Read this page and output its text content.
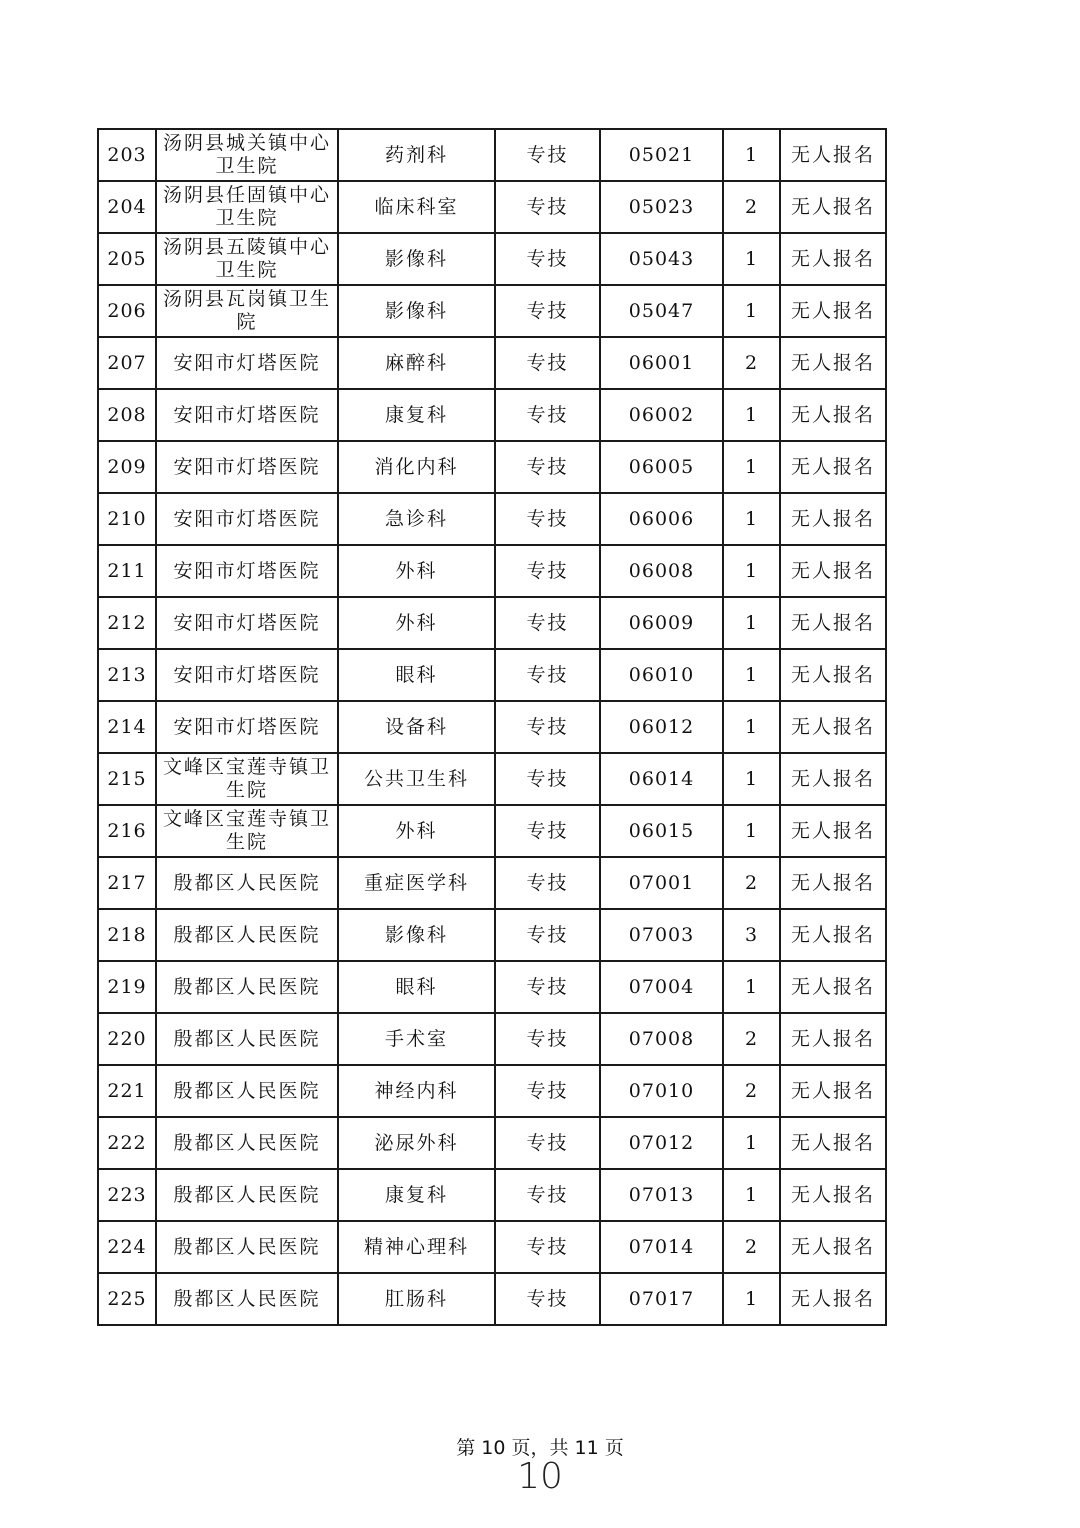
203	汤阴县城关镇中心卫生院	药剂科	专技	05021	1	无人报名
204	汤阴县任固镇中心卫生院	临床科室	专技	05023	2	无人报名
205	汤阴县五陵镇中心卫生院	影像科	专技	05043	1	无人报名
206	汤阴县瓦岗镇卫生院	影像科	专技	05047	1	无人报名
207	安阳市灯塔医院	麻醉科	专技	06001	2	无人报名
208	安阳市灯塔医院	康复科	专技	06002	1	无人报名
209	安阳市灯塔医院	消化内科	专技	06005	1	无人报名
210	安阳市灯塔医院	急诊科	专技	06006	1	无人报名
211	安阳市灯塔医院	外科	专技	06008	1	无人报名
212	安阳市灯塔医院	外科	专技	06009	1	无人报名
213	安阳市灯塔医院	眼科	专技	06010	1	无人报名
214	安阳市灯塔医院	设备科	专技	06012	1	无人报名
215	文峰区宝莲寺镇卫生院	公共卫生科	专技	06014	1	无人报名
216	文峰区宝莲寺镇卫生院	外科	专技	06015	1	无人报名
217	殷都区人民医院	重症医学科	专技	07001	2	无人报名
218	殷都区人民医院	影像科	专技	07003	3	无人报名
219	殷都区人民医院	眼科	专技	07004	1	无人报名
220	殷都区人民医院	手术室	专技	07008	2	无人报名
221	殷都区人民医院	神经内科	专技	07010	2	无人报名
222	殷都区人民医院	泌尿外科	专技	07012	1	无人报名
223	殷都区人民医院	康复科	专技	07013	1	无人报名
224	殷都区人民医院	精神心理科	专技	07014	2	无人报名
225	殷都区人民医院	肛肠科	专技	07017	1	无人报名
第 10 页，共 11 页
10
